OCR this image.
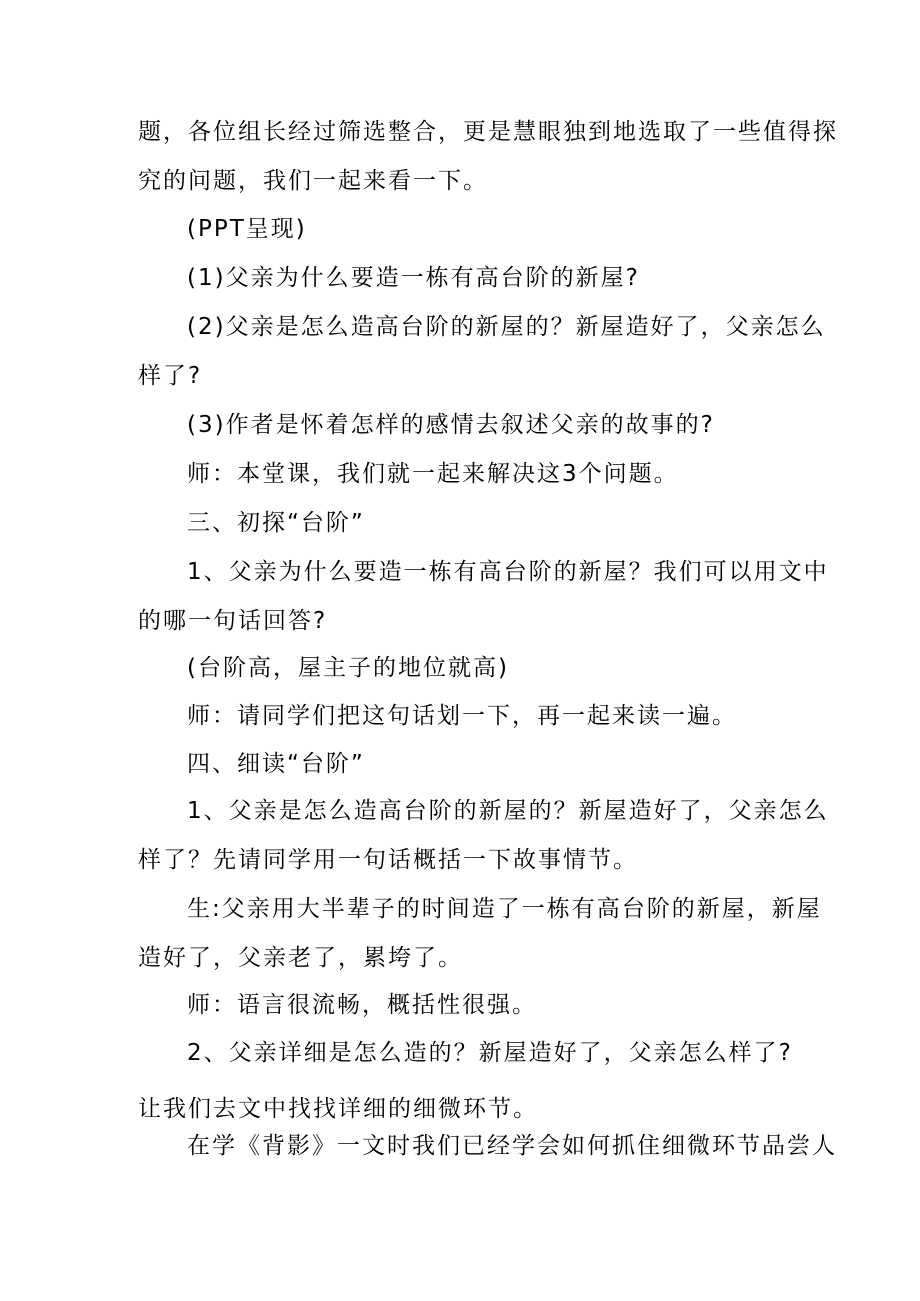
题，各位组长经过筛选整合，更是慧眼独到地选取了一些值得探
究的问题，我们一起来看一下。
(PPT呈现)
(1)父亲为什么要造一栋有高台阶的新屋?
(2)父亲是怎么造高台阶的新屋的？新屋造好了，父亲怎么
样了?
(3)作者是怀着怎样的感情去叙述父亲的故事的?
师：本堂课，我们就一起来解决这3个问题。
三、初探“台阶”
1、父亲为什么要造一栋有高台阶的新屋？我们可以用文中
的哪一句话回答?
(台阶高，屋主子的地位就高)
师：请同学们把这句话划一下，再一起来读一遍。
四、细读“台阶”
1、父亲是怎么造高台阶的新屋的？新屋造好了，父亲怎么
样了？先请同学用一句话概括一下故事情节。
生:父亲用大半辈子的时间造了一栋有高台阶的新屋，新屋
造好了，父亲老了，累垮了。
师：语言很流畅，概括性很强。
2、父亲详细是怎么造的？新屋造好了，父亲怎么样了?
让我们去文中找找详细的细微环节。
在学《背影》一文时我们已经学会如何抓住细微环节品尝人
